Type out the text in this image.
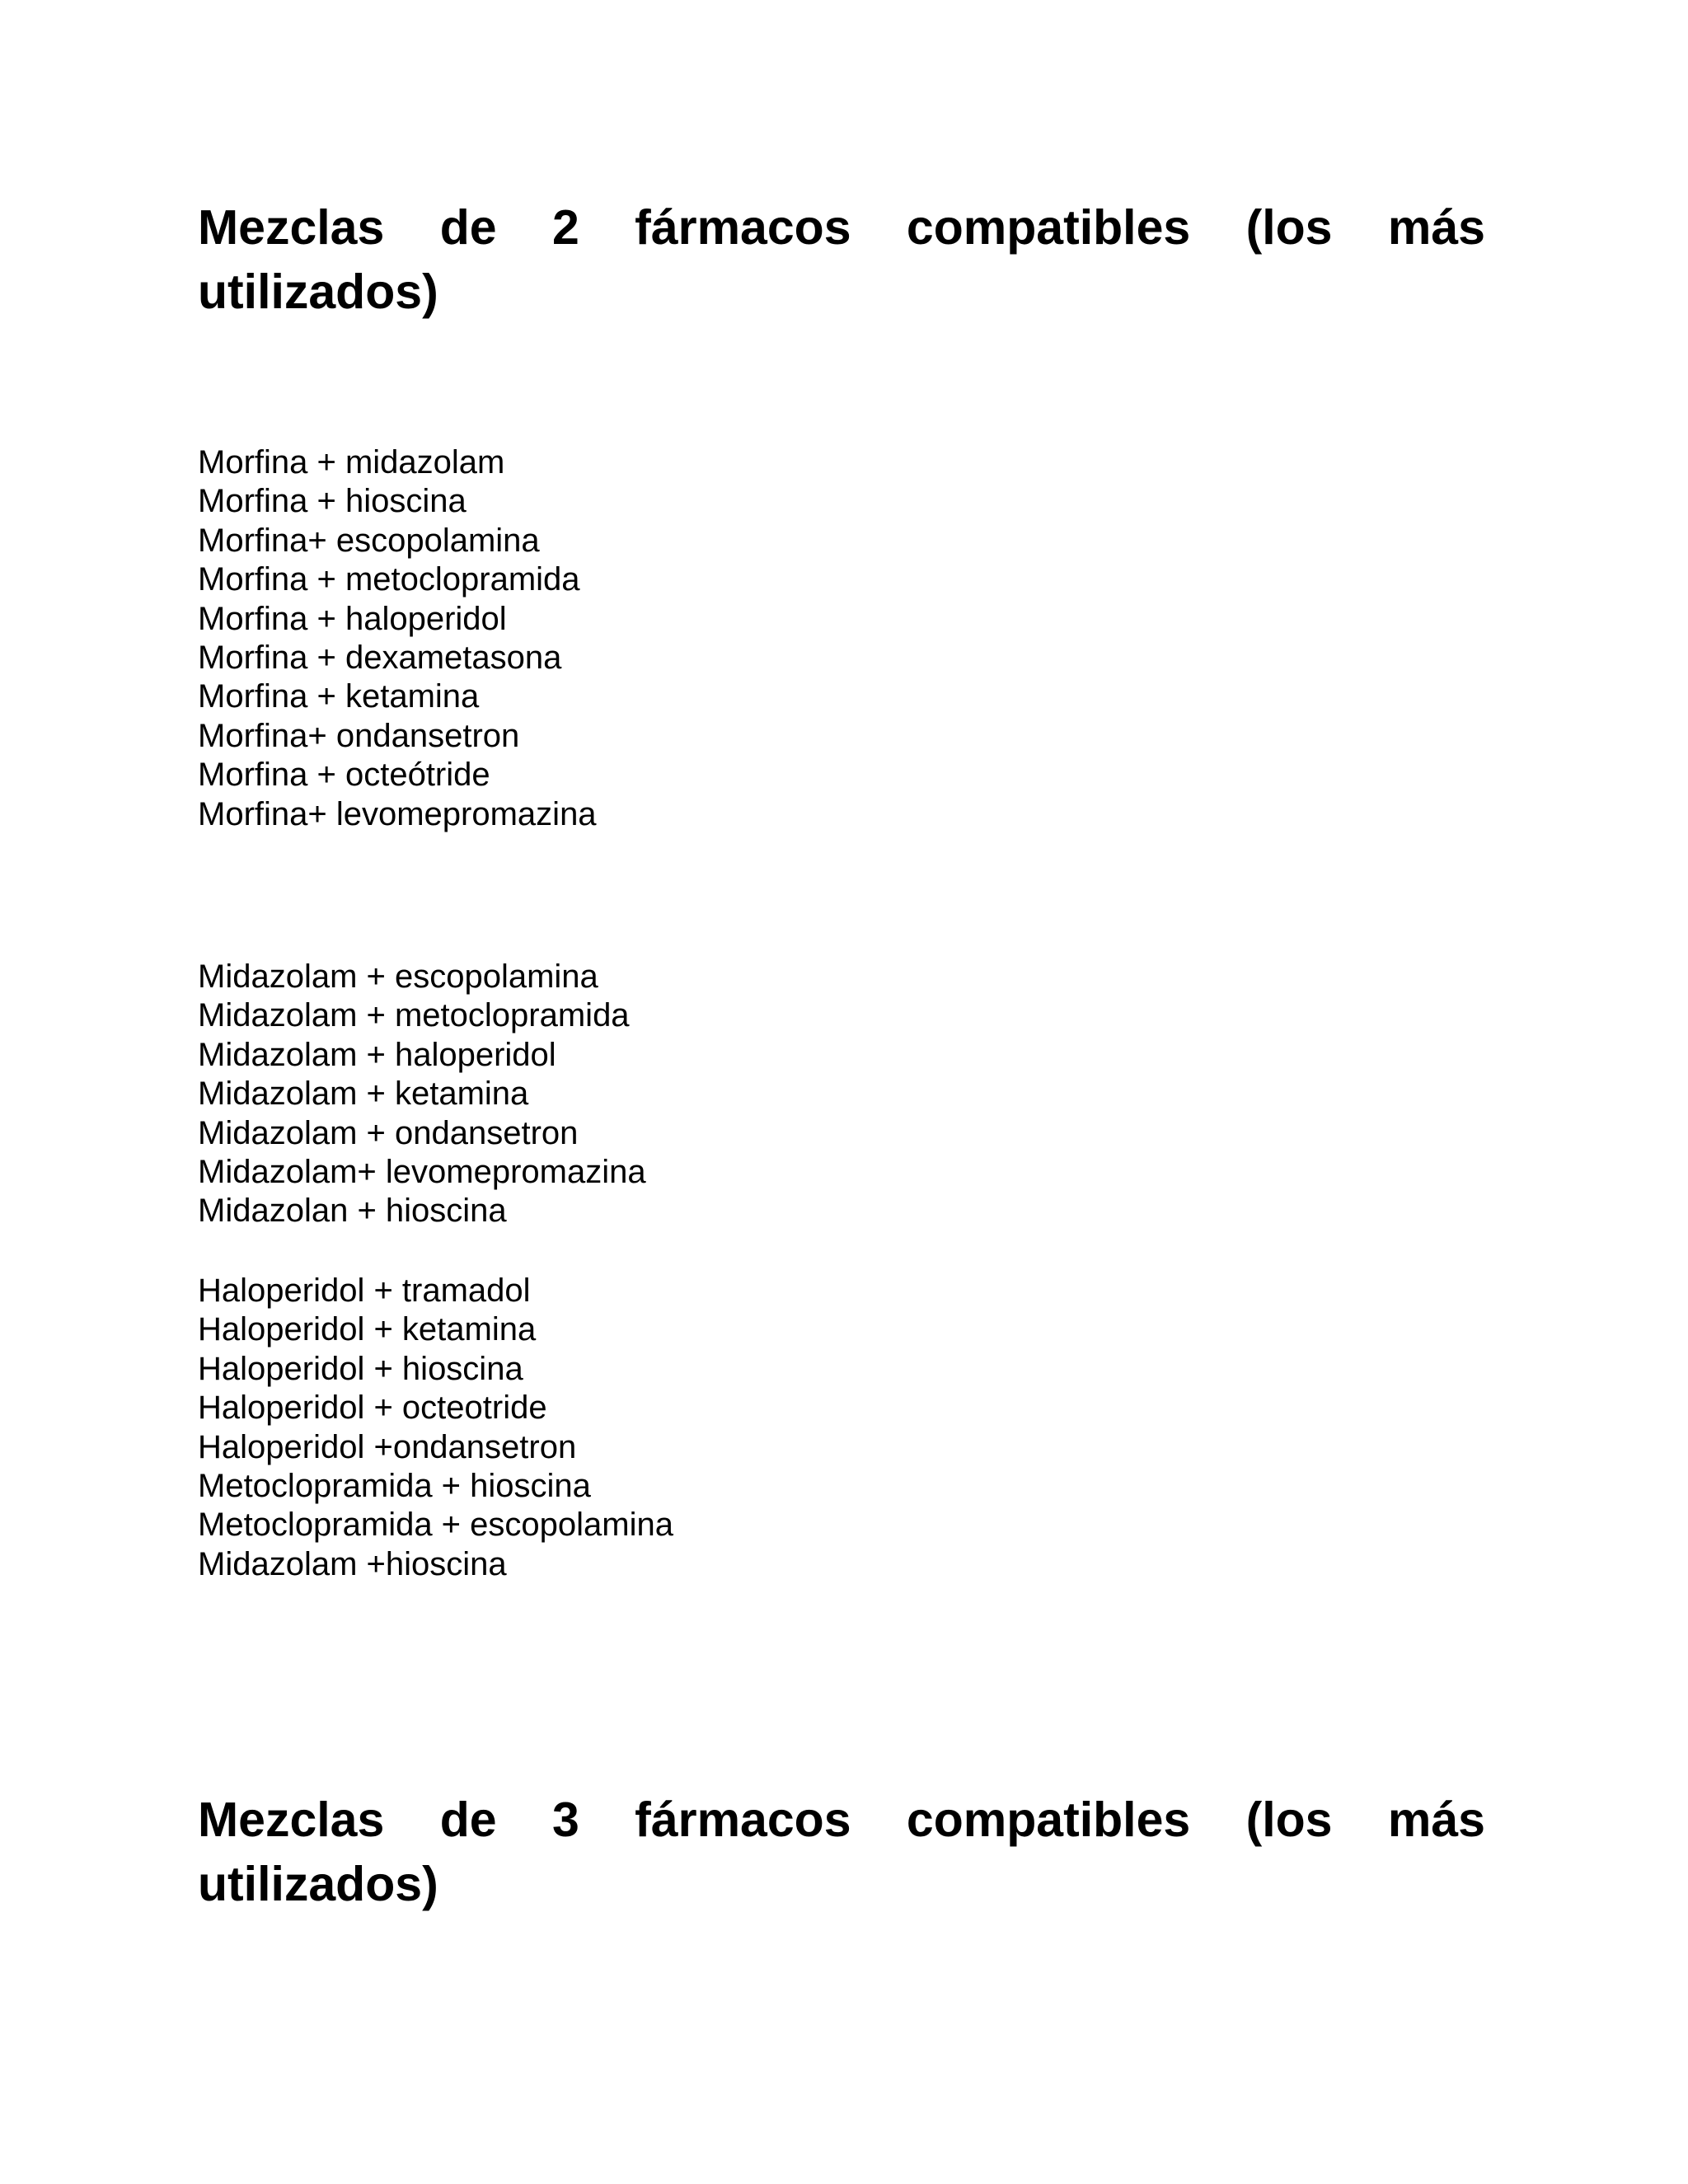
Mezclas de 2 fármacos compatibles (los más utilizados)
Morfina + midazolam
Morfina + hioscina
Morfina+ escopolamina
Morfina + metoclopramida
Morfina + haloperidol
Morfina + dexametasona
Morfina + ketamina
Morfina+ ondansetron
Morfina + octeótride
Morfina+ levomepromazina
Midazolam + escopolamina
Midazolam + metoclopramida
Midazolam + haloperidol
Midazolam + ketamina
Midazolam + ondansetron
Midazolam+ levomepromazina
Midazolan + hioscina
Haloperidol + tramadol
Haloperidol + ketamina
Haloperidol + hioscina
Haloperidol + octeotride
Haloperidol +ondansetron
Metoclopramida + hioscina
Metoclopramida + escopolamina
Midazolam +hioscina
Mezclas de 3 fármacos compatibles (los más utilizados)
